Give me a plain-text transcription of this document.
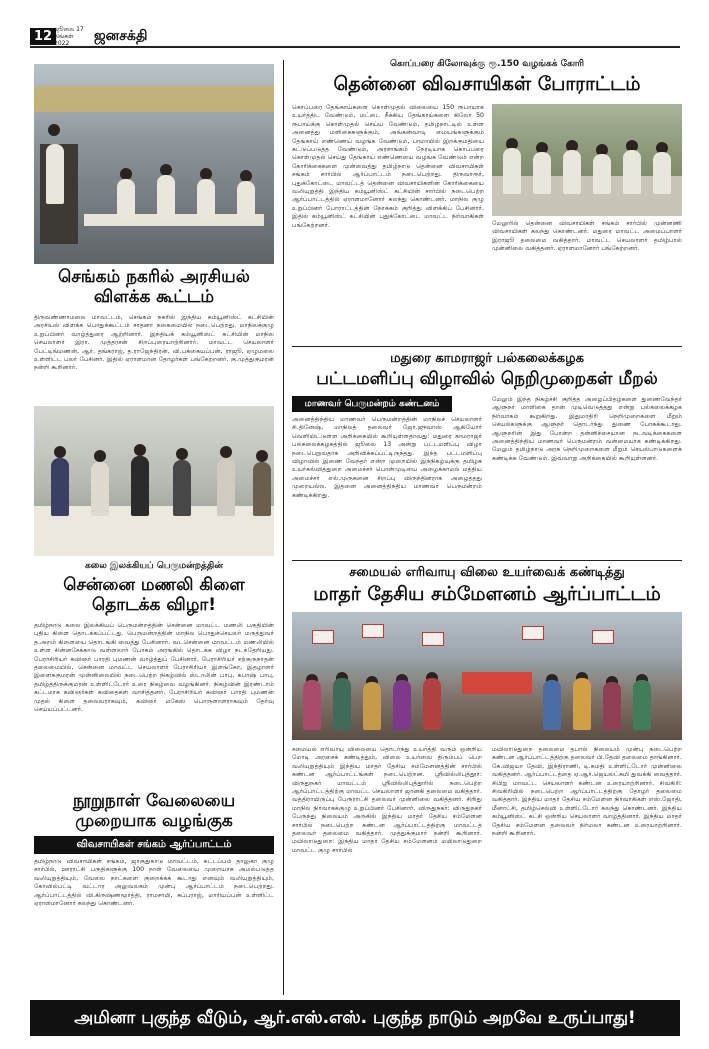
12 ஜூலை 17
திங்கள்
2022	ஜனசக்தி
செங்கம் நகரில் அரசியல்
விளக்க கூட்டம்
திருவண்ணாமலை மாவட்டம், செங்கம் நகரில் இந்திய கம்யூனிஸ்ட் கட்சியின் அரசியல் விளக்க பொதுக்கூட்டம் சாதனா நகைமையில் நடைபெற்றது. மாநிலக்குழு உறுப்பினர் வாழ்த்துரை ஆற்றினார். இந்தியக் கம்யூனிஸ்ட் கட்சியின் மாநில செயலாளர் இரா. முத்தரசன் சிறப்புரையாற்றினார். மாவட்ட செயலாளர் பேட்டிங்மணன், ஆர். தங்கராஜ், த.ராஜேந்திரன், வி.பக்கையப்பன், ராஜூ, ஏழுமலை உள்ளிட்ட பலர் பேசினர். இதில் ஏராளமான தோழர்கள் பங்கேற்றனர். கு.முத்துகுமரன் நன்றி கூறினார்.
கலை இலக்கியப் பெருமன்றத்தின்
சென்னை மணலி கிளை
தொடக்க விழா!
தமிழ்நாடு கலை இலக்கியப் பெருமன்றத்தின் சென்னை மாவட்ட மணலி பகுதியின் புதிய கிளை தொடக்கப்பட்டது. பெருமன்றத்தின் மாநில பொதுச்செயலர் மருத்துவர் த.அறம் கிளையை தொடங்கி வைத்து பேசினார். வடசென்னை மாவட்டம் மணலியில் உள்ள சின்னசேக்காடு வள்ளலார் போகம் அரங்கில் தொடக்க விழா நடந்தேறியது. பேராசிரியர் கவிஞர் பாரதி புமணன் வாழ்த்துப் பேசினார். பேராசிரியர் சற்குருநாதன் தலைமையில், சென்னை மாவட்ட செயலாளர் பேராசிரியர் இளங்கோ, இதழாளர் இளைசுகுமரன் முன்னிலையில் நடைபெற்ற நிகழ்வில் ஸ்டாலின் பாபு, சுபாஷ் பாபு, தமிழ்த்திருக்குமரன் உள்ளிட்டோர் உரை நிகழ்வை வழங்கினர். நிகழ்வின் இரண்டாம் கட்டமாக கவிஞர்கள் கவிதைகள் வாசித்தனர். பேராசிரியர் கவிஞர் பாரதி புமணன் முதல் கிளை தலைவராகவும், கவிஞர் மகேஸ் பொருளாளராகவும் தேர்வு செய்யப்பட்டனர்.
நூறுநாள் வேலையை
முறையாக வழங்குக
விவசாயிகள் சங்கம் ஆர்ப்பாட்டம்
தமிழ்நாடு விவசாயிகள் சங்கம், ஜாகுதுகாடு மாவட்டம், கட்டப்பம் தாலுகா குழு சார்பில், ஊராட்சி பகுதிகளுக்கு 100 நாள் வேலையை முறையாக அமல்படுத்த வலியுறுத்தியும், வேலை நாட்களை குறைக்கக் கூடாது எனவும் வலியுறுத்தியும், கோவில்பட்டி வட்டார அலுவலகம் முன்பு ஆர்ப்பாட்டம் நடைபெற்றது. ஆர்ப்பாட்டத்தில் வி.கிருஷ்ணமூர்த்தி, ராமசாமி, சுப்பராஜ், மாரியப்பன் உள்ளிட்ட ஏராளமானோர் கலந்து கொண்டனர்.
கொப்பரை கிலோவுக்கு ரூ.150 வழங்கக் கோரி
தென்னை விவசாயிகள் போராட்டம்
கொப்பரை தேங்காய்களை கொள்முதல் விலையை 150 ரூபாயாக உயர்த்திட வேண்டும், மட்டை நீக்கிய தேங்காய்களை கிலோ 50 ரூபாய்க்கு கொள்முதல் செய்ய வேண்டும், தமிழ்நாட்டில் உள்ள அனைத்து மளிகைகளுக்கும், அங்கன்வாடி மையங்களுக்கும் தேங்காய் எண்ணெய் வழங்க வேண்டும், பாமாயில் இறக்குமதியை கட்டுப்படுத்த வேண்டும், அரசாங்கம் நேரடியாக கொப்பரை கொள்முதல் செய்து தேங்காய் எண்ணெயை வழங்க வேண்டும் என்ற கோரிக்கைகளை முன்வைத்து தமிழ்நாடு தென்னை விவசாயிகள் சங்கம் சார்பில் ஆர்ப்பாட்டம் நடைபெற்றது. திருவாரூர், புதுக்கோட்டை மாவட்டத் தென்னை விவசாயிகளின் கோரிக்கையை வலியுறுத்தி இந்திய கம்யூனிஸ்ட் கட்சியின் சார்பில் நடைபெற்ற ஆர்ப்பாட்டத்தில் ஏராளமானோர் கலந்து கொண்டனர். மாநில குழு உறுப்பினர் போராட்டத்தின் நோக்கம் குறித்து விளக்கிப் பேசினார். இதில் கம்யூனிஸ்ட் கட்சியின் புதுக்கோட்டை மாவட்ட நிர்வாகிகள் பங்கேற்றனர்.	மேலூரில் தென்னை விவசாயிகள் சங்கம் சார்பில் முன்னணி விவசாயிகள் கலந்து கொண்டனர். மதுரை மாவட்ட அமைப்பாளர் இராஜூ தலைமை வகித்தார். மாவட்ட செயலாளர் தமிழ்பால் முன்னிலை வகித்தனர். ஏராளமானோர் பங்கேற்றனர்.
மதுரை காமராஜர் பல்கலைக்கழக
பட்டமளிப்பு விழாவில் நெறிமுறைகள் மீறல்
மாணவர் பெருமன்றம் கண்டனம்
அனைத்திந்திய மாணவர் பெருமன்றத்தின் மாநிலச் செயலாளர் சி.தினேஷ், மாநிலத் தலைவர் ஜோ.ஜுவாஸ் ஆகியோர் வெளியிட்டுள்ள அறிக்கையில் கூறியுள்ளதாவது: மதுரை காமராஜர் பல்கலைக்கழகத்தில் ஜூலை 13 அன்று பட்டமளிப்பு விழா நடைபெறுவதாக அறிவிக்கப்பட்டிருந்தது. இந்த பட்டமளிப்பு விழாவில் இணை வேந்தர் என்ற முறையில் இந்நிகழ்வுக்கு தமிழக உயர்கல்வித்துறை அமைச்சர் பொன்முடியை அழைக்காமல் மத்திய அமைச்சர் எல்.முருகனை சிறப்பு விருந்தினராக அழைத்தது முறையல்ல. இதனை அனைத்திந்திய மாணவர் பெருமன்றம் கண்டிக்கிறது.
மேலும் இந்த நிகழ்ச்சி குறித்த அழைப்பிதழ்களை துணைவேந்தர் ஆளுநர் மாளிகை தான் முடிவெடுத்தது என்று பல்கலைக்கழக நிர்வாகம் கூறுகிறது. இதுமாதிரி நெறிமுறைகளை மீறும் செயல்களுக்கு ஆளுநர் தொடர்ந்து துணை போகக்கூடாது. ஆளுநரின் இது போன்ற தன்னிச்சையான நடவடிக்கைகளை அனைத்திந்திய மாணவர் பெருமன்றம் வன்மையாக கண்டிக்கிறது. மேலும் தமிழ்நாடு அரசு நெறிமுறைகளை மீறும் செயல்பாடுகளைக் கண்டிக்க வேண்டும். இவ்வாறு அறிக்கையில் கூறியுள்ளனர்.
சமையல் எரிவாயு விலை உயர்வைக் கண்டித்து
மாதர் தேசிய சம்மேளனம் ஆர்ப்பாட்டம்
சமையல் எரிவாயு விலையை தொடர்ந்து உயர்த்தி வரும் ஒன்றிய மோடி அரசைக் கண்டித்தும், விலை உயர்வை திரும்பப் பெற வலியுறுத்தியும் இந்திய மாதர் தேசிய சம்மேளனத்தின் சார்பில் கண்டன ஆர்ப்பாட்டங்கள் நடைபெற்றன. ஸ்ரீவில்லிபுத்தூர்: விருதுநகர் மாவட்டம் ஸ்ரீவில்லிபுத்தூரில் நடைபெற்ற ஆர்ப்பாட்டத்திற்கு மாவட்ட செயலாளர் ஜானகி தலைமை வகித்தார். வத்திராயிருப்பு பேரூராட்சி தலைவர் முன்னிலை வகித்தனர். சிறிது மாநில நிர்வாகக்குழு உறுப்பினர் பேசினார். விருதுநகர்: விருதுநகர் பேருந்து நிலையம் அருகில் இந்திய மாதர் தேசிய சம்மேளன சார்பில் நடைபெற்ற கண்டன ஆர்ப்பாட்டத்திற்கு மாவட்டத் தலைவர் தலைமை வகித்தார். முத்துக்குமார் நன்றி கூறினார். மயிலாடுதுறை: இந்திய மாதர் தேசிய சம்மேளனம் மயிலாடுதுறை மாவட்ட குழு சார்பில்
மயிலாடுதுறை தலைமை தபால் நிலையம் முன்பு நடைபெற்ற கண்டன ஆர்ப்பாட்டத்திற்கு தலைவர் பி.தேவி தலைமை தாங்கினார். கே.விஜயா தேவி, இந்திராணி, டி.சுமதி உள்ளிட்டோர் முன்னிலை வகித்தனர். ஆர்ப்பாட்டத்தை ஏ.ஆர்.ஜெயலட்சுமி துவக்கி வைத்தார். சிபிஐ மாவட்ட செயலாளர் கண்டன உரையாற்றினார். சிவகிரி: சிவகிரியில் நடைபெற்ற ஆர்ப்பாட்டத்திற்கு தோழர் தலைமை வகித்தார். இந்திய மாதர் தேசிய சம்மேளன நிர்வாகிகள் எஸ்.ஜோதி, மீனாட்சி, தமிழ்செல்வி உள்ளிட்டோர் கலந்து கொண்டனர். இந்திய கம்யூனிஸ்ட் கட்சி ஒன்றிய செயலாளர் வாழ்த்தினார். இந்திய மாதர் தேசிய சம்மேளன தலைவர் நிர்மலா கண்டன உரையாற்றினார். நன்றி கூறினார்.
அமினா புகுந்த வீடும், ஆர்.எஸ்.எஸ். புகுந்த நாடும் அறவே உருப்பாது!
